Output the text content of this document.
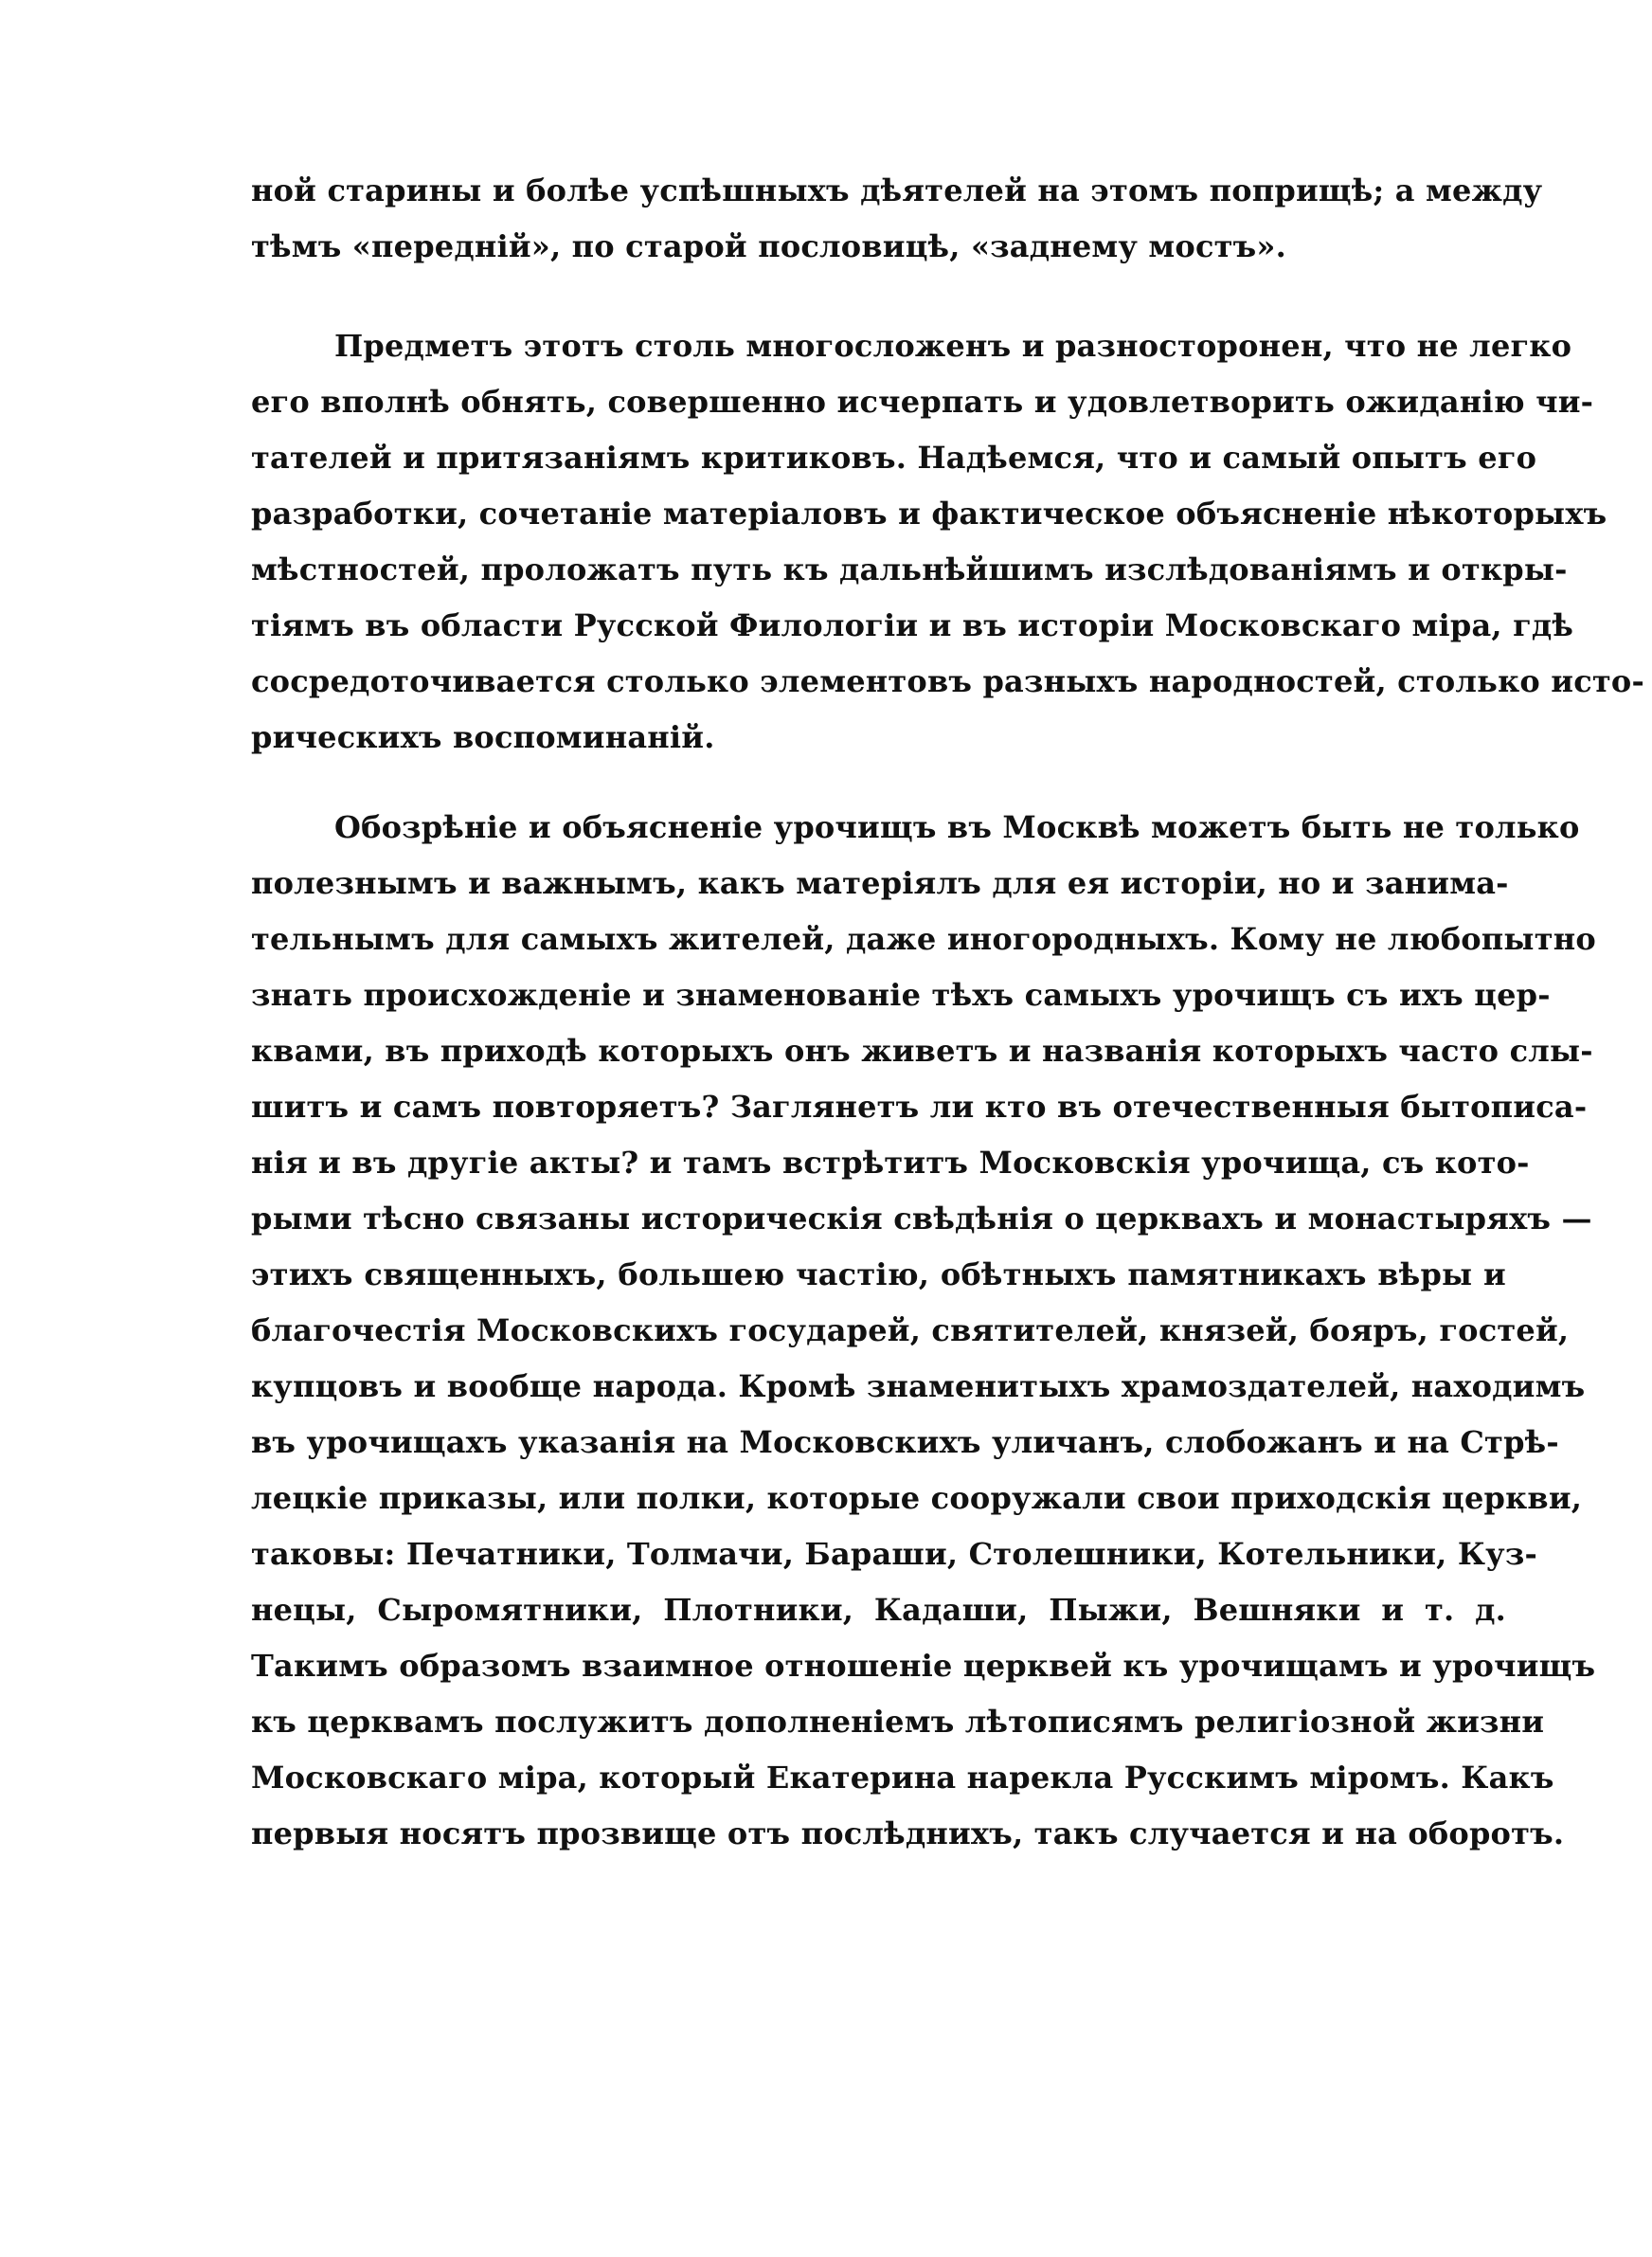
ной старины и болѣе успѣшныхъ дѣятелей на этомъ поприщѣ; а между
тѣмъ «передній», по старой пословицѣ, «заднему мостъ».
Предметъ этотъ столь многосложенъ и разносторонен, что не легко
его вполнѣ обнять, совершенно исчерпать и удовлетворить ожиданію чи-
тателей и притязаніямъ критиковъ. Надѣемся, что и самый опытъ его
разработки, сочетаніе матеріаловъ и фактическое объясненіе нѣкоторыхъ
мѣстностей, проложатъ путь къ дальнѣйшимъ изслѣдованіямъ и откры-
тіямъ въ области Русской Филологіи и въ исторіи Московскаго міра, гдѣ
сосредоточивается столько элементовъ разныхъ народностей, столько исто-
рическихъ воспоминаній.
Обозрѣніе и объясненіе урочищъ въ Москвѣ можетъ быть не только
полезнымъ и важнымъ, какъ матеріялъ для ея исторіи, но и занима-
тельнымъ для самыхъ жителей, даже иногородныхъ. Кому не любопытно
знать происхожденіе и знаменованіе тѣхъ самыхъ урочищъ съ ихъ цер-
квами, въ приходѣ которыхъ онъ живетъ и названія которыхъ часто слы-
шитъ и самъ повторяетъ? Заглянетъ ли кто въ отечественныя бытописа-
нія и въ другіе акты? и тамъ встрѣтитъ Московскія урочища, съ кото-
рыми тѣсно связаны историческія свѣдѣнія о церквахъ и монастыряхъ —
этихъ священныхъ, большею частію, обѣтныхъ памятникахъ вѣры и
благочестія Московскихъ государей, святителей, князей, бояръ, гостей,
купцовъ и вообще народа. Кромѣ знаменитыхъ храмоздателей, находимъ
въ урочищахъ указанія на Московскихъ уличанъ, слобожанъ и на Стрѣ-
лецкіе приказы, или полки, которые сооружали свои приходскія церкви,
таковы: Печатники, Толмачи, Бараши, Столешники, Котельники, Куз-
нецы, Сыромятники, Плотники, Кадаши, Пыжи, Вешняки и т. д.
Такимъ образомъ взаимное отношеніе церквей къ урочищамъ и урочищъ
къ церквамъ послужитъ дополненіемъ лѣтописямъ религіозной жизни
Московскаго міра, который Екатерина нарекла Русскимъ міромъ. Какъ
первыя носятъ прозвище отъ послѣднихъ, такъ случается и на оборотъ.
